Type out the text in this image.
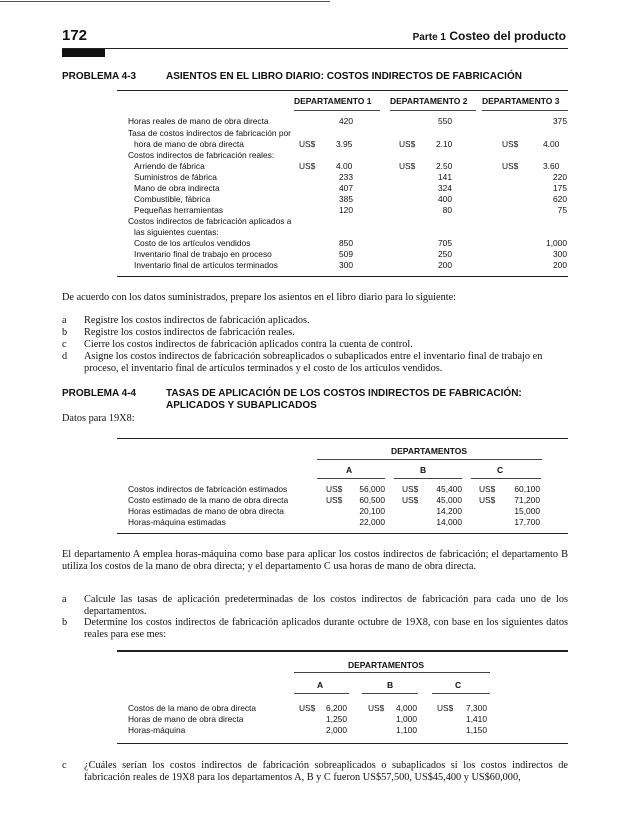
172	Parte 1 Costeo del producto
PROBLEMA 4-3	ASIENTOS EN EL LIBRO DIARIO: COSTOS INDIRECTOS DE FABRICACIÓN
DEPARTAMENTO 1 DEPARTAMENTO 2 DEPARTAMENTO 3
Horas reales de mano de obra directa	420	550	375
Tasa de costos indirectos de fabricación por
hora de mano de obra directa	US$ 3.95	US$ 2.10	US$	4.00
Costos indirectos de fabricación reales:
Arriendo de fábrica	US$ 4.00	US$ 2.50	US$	3.60
Suministros de fábrica	233	141	220
Mano de obra indirecta	407	324	175
Combustible, fábrica	385	400	620
Pequeñas herramientas	120	80	75
Costos indirectos de fabricación aplicados a
las siguientes cuentas:
Costo de los artículos vendidos	850	705	1,000
Inventario final de trabajo en proceso	509	250	300
Inventario final de artículos terminados	300	200	200
De acuerdo con los datos suministrados, prepare los asientos en el libro diario para lo siguiente:
a Registre los costos indirectos de fabricación aplicados.
b Registre los costos indirectos de fabricación reales.
c Cierre los costos indirectos de fabricación aplicados contra la cuenta de control.
d Asigne los costos indirectos de fabricación sobreaplicados o subaplicados entre el inventario final de trabajo en proceso, el inventario final de artículos terminados y el costo de los artículos vendidos.
PROBLEMA 4-4	TASAS DE APLICACIÓN DE LOS COSTOS INDIRECTOS DE FABRICACIÓN:
APLICADOS Y SUBAPLICADOS
Datos para 19X8:
DEPARTAMENTOS
A	B	C
Costos indirectos de fabricación estimados	US$	56,000 US$	45,400 US$	60,100
Costo estimado de la mano de obra directa	US$	60,500 US$	45,000 US$	71,200
Horas estimadas de mano de obra directa	20,100	14,200	15,000
Horas-máquina estimadas	22,000	14,000	17,700
El departamento A emplea horas-máquina como base para aplicar los costos indirectos de fabricación; el departamento B utiliza los costos de la mano de obra directa; y el departamento C usa horas de mano de obra directa.
a Calcule las tasas de aplicación predeterminadas de los costos indirectos de fabricación para cada uno de los departamentos.
b Determine los costos indirectos de fabricación aplicados durante octubre de 19X8, con base en los siguientes datos reales para ese mes:
DEPARTAMENTOS
A	B	C
Costos de la mano de obra directa	US$	6,200	US$	4,000 US$	7,300
Horas de mano de obra directa	1,250	1,000	1,410
Horas-máquina	2,000	1,100	1,150
c ¿Cuáles serían los costos indirectos de fabricación sobreaplicados o subaplicados si los costos indirectos de fabricación reales de 19X8 para los departamentos A, B y C fueron US$57,500, US$45,400 y US$60,000,
